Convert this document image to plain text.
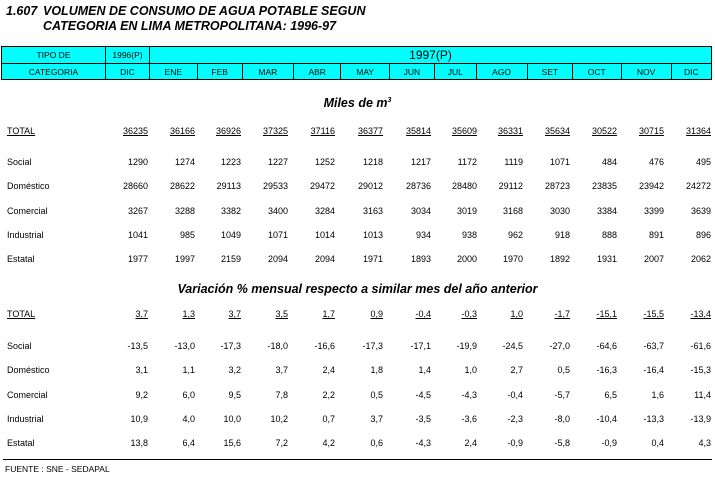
1.607 VOLUMEN DE CONSUMO DE AGUA POTABLE SEGUN
CATEGORIA EN LIMA METROPOLITANA: 1996-97
TIPO DE	1996(P)	1997(P)											
CATEGORIA	DIC	ENE	FEB	MAR	ABR	MAY	JUN	JUL	AGO	SET	OCT	NOV	DIC
Miles de $m^3$
TOTAL	36235	36166	36926	37325	37116	36377	35814	35609	36331	35634	30522	30715	31364
Social	1290	1274	1223	1227	1252	1218	1217	1172	1119	1071	484	476	495
Doméstico	28660	28622	29113	29533	29472	29012	28736	28480	29112	28723	23835	23942	24272
Comercial	3267	3288	3382	3400	3284	3163	3034	3019	3168	3030	3384	3399	3639
Industrial	1041	985	1049	1071	1014	1013	934	938	962	918	888	891	896
Estatal	1977	1997	2159	2094	2094	1971	1893	2000	1970	1892	1931	2007	2062
Variación % mensual respecto a similar mes del año anterior
TOTAL	3,7	1,3	3,7	3,5	1,7	0,9	-0,4	-0,3	1,0	-1,7	-15,1	-15,5	-13,4
Social	-13,5	-13,0	-17,3	-18,0	-16,6	-17,3	-17,1	-19,9	-24,5	-27,0	-64,6	-63,7	-61,6
Doméstico	3,1	1,1	3,2	3,7	2,4	1,8	1,4	1,0	2,7	0,5	-16,3	-16,4	-15,3
Comercial	9,2	6,0	9,5	7,8	2,2	0,5	-4,5	-4,3	-0,4	-5,7	6,5	1,6	11,4
Industrial	10,9	4,0	10,0	10,2	0,7	3,7	-3,5	-3,6	-2,3	-8,0	-10,4	-13,3	-13,9
Estatal	13,8	6,4	15,6	7,2	4,2	0,6	-4,3	2,4	-0,9	-5,8	-0,9	0,4	4,3
FUENTE : SNE - SEDAPAL
